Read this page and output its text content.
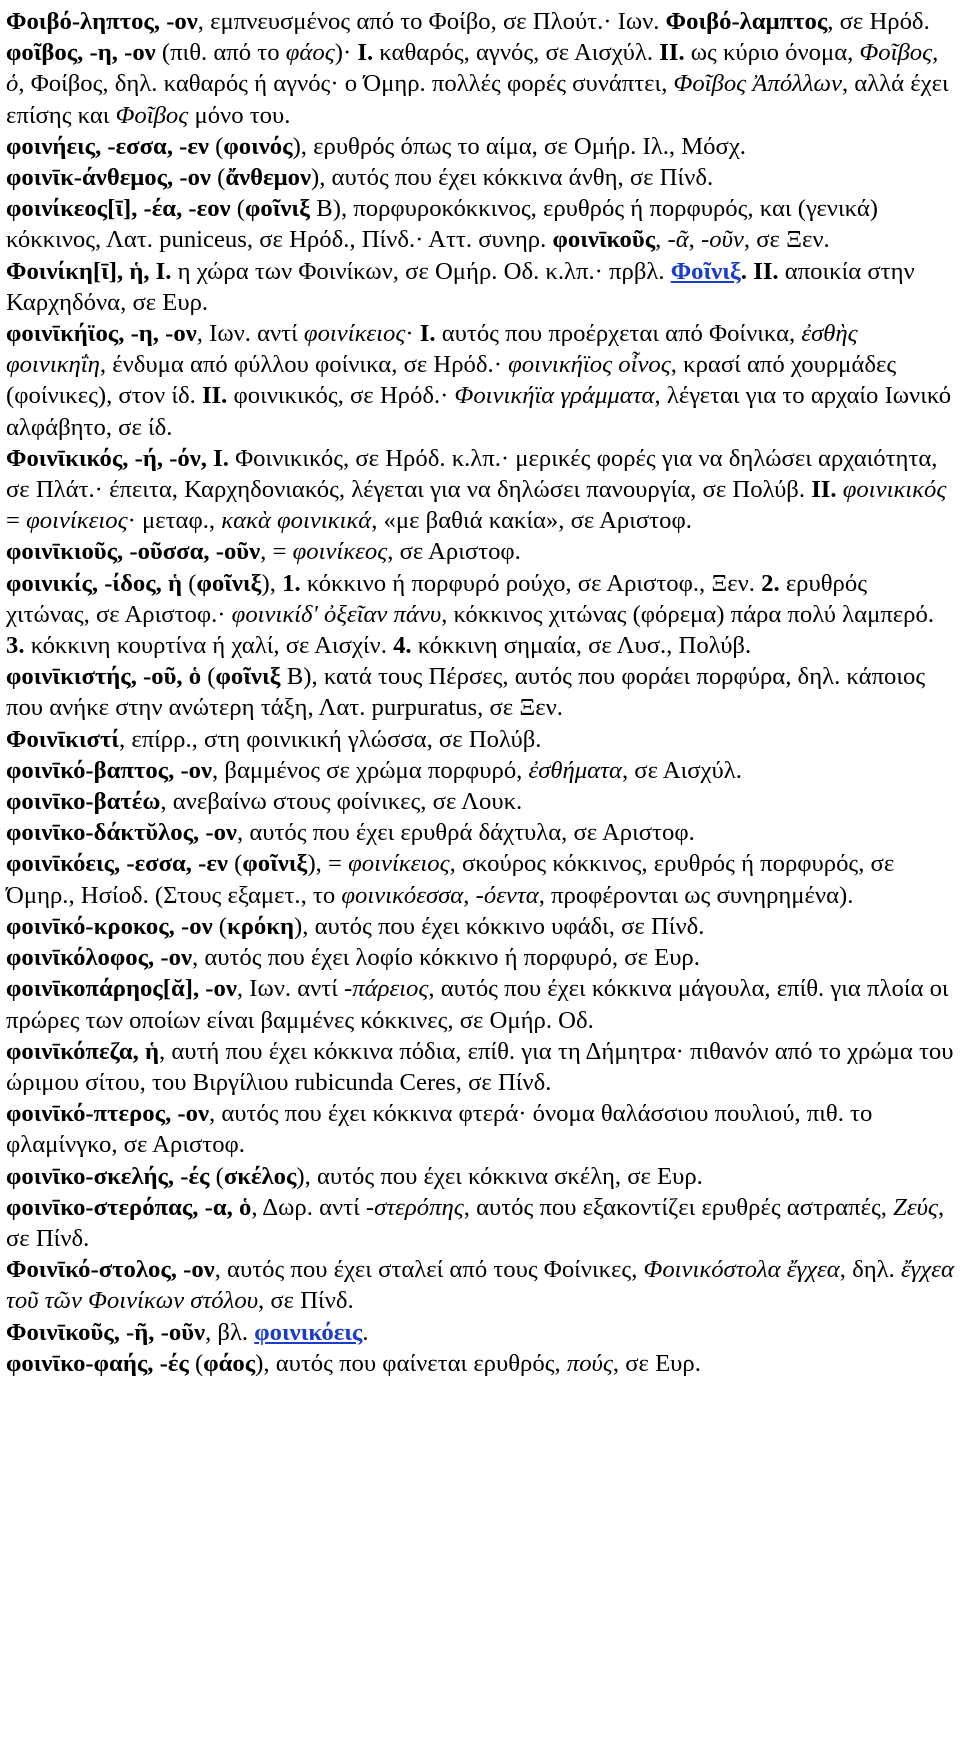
Φοιβό-ληπτος, -ον, εμπνευσμένος από το Φοίβο, σε Πλούτ.· Ιων. Φοιβό-λαμπτος, σε Ηρόδ.

φοῖβος, -η, -ον (πιθ. από το φάος)· I. καθαρός, αγνός, σε Αισχύλ. II. ως κύριο όνομα, Φοῖβος, ὁ, Φοίβος, δηλ. καθαρός ή αγνός· ο Όμηρ. πολλές φορές συνάπτει, Φοῖβος Ἀπόλλων, αλλά έχει επίσης και Φοῖβος μόνο του.

φοινήεις, -εσσα, -εν (φοινός), ερυθρός όπως το αίμα, σε Ομήρ. Ιλ., Μόσχ.

φοινῑκ-άνθεμος, -ον (ἄνθεμον), αυτός που έχει κόκκινα άνθη, σε Πίνδ.

φοινίκεος[ῑ], -έα, -εον (φοῖνιξ Β), πορφυροκόκκινος, ερυθρός ή πορφυρός, και (γενικά) κόκκινος, Λατ. puniceus, σε Ηρόδ., Πίνδ.· Αττ. συνηρ. φοινῑκοῦς, -ᾶ, -οῦν, σε Ξεν.

Φοινίκη[ῑ], ἡ, I. η χώρα των Φοινίκων, σε Ομήρ. Οδ. κ.λπ.· πρβλ. Φοῖνιξ. II. αποικία στην Καρχηδόνα, σε Ευρ.

φοινῑκήϊος, -η, -ον, Ιων. αντί φοινίκειος· I. αυτός που προέρχεται από Φοίνικα, ἐσθὴς φοινικηΐη, ένδυμα από φύλλου φοίνικα, σε Ηρόδ.· φοινικήϊος οἶνος, κρασί από χουρμάδες (φοίνικες), στον ίδ. II. φοινικικός, σε Ηρόδ.· Φοινικήϊα γράμματα, λέγεται για το αρχαίο Ιωνικό αλφάβητο, σε ίδ.

Φοινῑκικός, -ή, -όν, I. Φοινικικός, σε Ηρόδ. κ.λπ.· μερικές φορές για να δηλώσει αρχαιότητα, σε Πλάτ.· έπειτα, Καρχηδονιακός, λέγεται για να δηλώσει πανουργία, σε Πολύβ. II. φοινικικός = φοινίκειος· μεταφ., κακὰ φοινικικά, «με βαθιά κακία», σε Αριστοφ.

φοινῑκιοῦς, -οῦσσα, -οῦν, = φοινίκεος, σε Αριστοφ.

φοινικίς, -ίδος, ἡ (φοῖνιξ), 1. κόκκινο ή πορφυρό ρούχο, σε Αριστοφ., Ξεν. 2. ερυθρός χιτώνας, σε Αριστοφ.· φοινικίδ' ὀξεῖαν πάνυ, κόκκινος χιτώνας (φόρεμα) πάρα πολύ λαμπερό. 3. κόκκινη κουρτίνα ή χαλί, σε Αισχίν. 4. κόκκινη σημαία, σε Λυσ., Πολύβ.

φοινῑκιστής, -οῦ, ὁ (φοῖνιξ Β), κατά τους Πέρσες, αυτός που φοράει πορφύρα, δηλ. κάποιος που ανήκε στην ανώτερη τάξη, Λατ. purpuratus, σε Ξεν.

Φοινῑκιστί, επίρρ., στη φοινικική γλώσσα, σε Πολύβ.

φοινῑκό-βαπτος, -ον, βαμμένος σε χρώμα πορφυρό, ἐσθήματα, σε Αισχύλ.

φοινῑκο-βατέω, ανεβαίνω στους φοίνικες, σε Λουκ.

φοινῑκο-δάκτῠλος, -ον, αυτός που έχει ερυθρά δάχτυλα, σε Αριστοφ.

φοινῑκόεις, -εσσα, -εν (φοῖνιξ), = φοινίκειος, σκούρος κόκκινος, ερυθρός ή πορφυρός, σε Όμηρ., Ησίοδ. (Στους εξαμετ., το φοινικόεσσα, -όεντα, προφέρονται ως συνηρημένα).

φοινῑκό-κροκος, -ον (κρόκη), αυτός που έχει κόκκινο υφάδι, σε Πίνδ.

φοινῑκόλοφος, -ον, αυτός που έχει λοφίο κόκκινο ή πορφυρό, σε Ευρ.

φοινῑκοπάρηος[ᾰ], -ον, Ιων. αντί -πάρειος, αυτός που έχει κόκκινα μάγουλα, επίθ. για πλοία οι πρώρες των οποίων είναι βαμμένες κόκκινες, σε Ομήρ. Οδ.

φοινῑκόπεζα, ἡ, αυτή που έχει κόκκινα πόδια, επίθ. για τη Δήμητρα· πιθανόν από το χρώμα του ώριμου σίτου, του Βιργίλιου rubicunda Ceres, σε Πίνδ.

φοινῑκό-πτερος, -ον, αυτός που έχει κόκκινα φτερά· όνομα θαλάσσιου πουλιού, πιθ. το φλαμίνγκο, σε Αριστοφ.

φοινῑκο-σκελής, -ές (σκέλος), αυτός που έχει κόκκινα σκέλη, σε Ευρ.

φοινῑκο-στερόπας, -α, ὁ, Δωρ. αντί -στερόπης, αυτός που εξακοντίζει ερυθρές αστραπές, Ζεύς, σε Πίνδ.

Φοινῑκό-στολος, -ον, αυτός που έχει σταλεί από τους Φοίνικες, Φοινικόστολα ἔγχεα, δηλ. ἔγχεα τοῦ τῶν Φοινίκων στόλου, σε Πίνδ.

Φοινῑκοῦς, -ῆ, -οῦν, βλ. φοινικόεις.

φοινῑκο-φαής, -ές (φάος), αυτός που φαίνεται ερυθρός, πούς, σε Ευρ.
